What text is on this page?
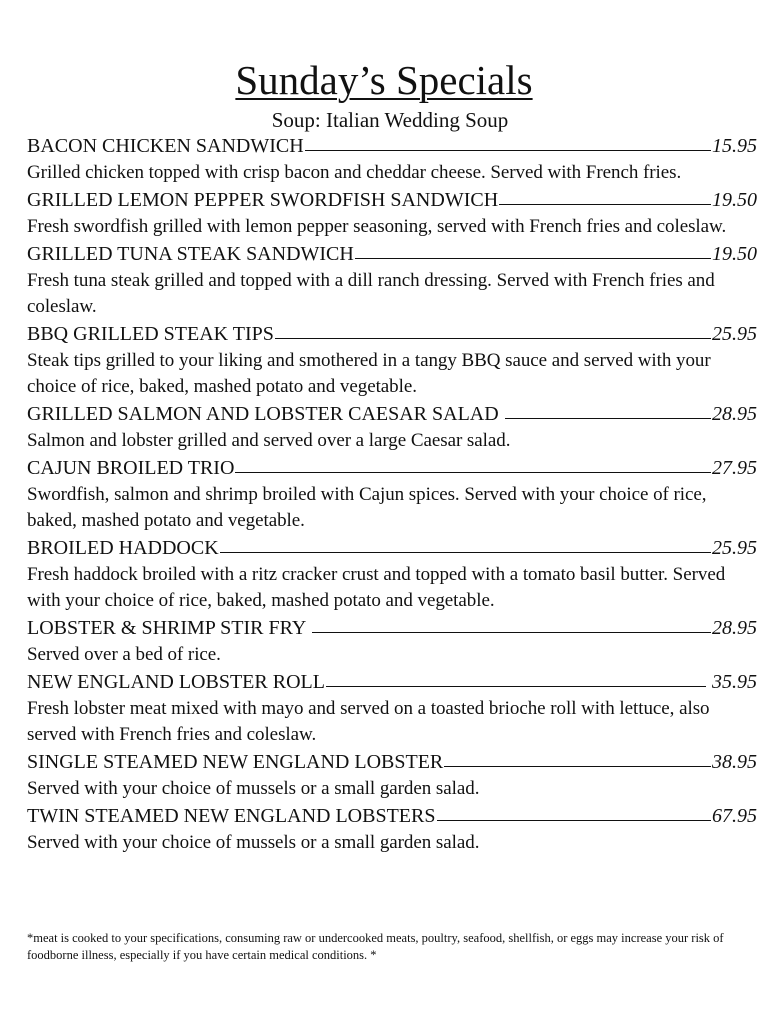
Sunday’s Specials
Soup: Italian Wedding Soup
BACON CHICKEN SANDWICH	15.95

Grilled chicken topped with crisp bacon and cheddar cheese. Served with French fries.

GRILLED LEMON PEPPER SWORDFISH SANDWICH	19.50

Fresh swordfish grilled with lemon pepper seasoning, served with French fries and coleslaw.

GRILLED TUNA STEAK SANDWICH	19.50

Fresh tuna steak grilled and topped with a dill ranch dressing. Served with French fries and coleslaw.

BBQ GRILLED STEAK TIPS	25.95

Steak tips grilled to your liking and smothered in a tangy BBQ sauce and served with your choice of rice, baked, mashed potato and vegetable.

GRILLED SALMON AND LOBSTER CAESAR SALAD	28.95

Salmon and lobster grilled and served over a large Caesar salad.

CAJUN BROILED TRIO	27.95

Swordfish, salmon and shrimp broiled with Cajun spices. Served with your choice of rice, baked, mashed potato and vegetable.

BROILED HADDOCK	25.95

Fresh haddock broiled with a ritz cracker crust and topped with a tomato basil butter. Served with your choice of rice, baked, mashed potato and vegetable.

LOBSTER & SHRIMP STIR FRY	28.95

Served over a bed of rice.

NEW ENGLAND LOBSTER ROLL	35.95

Fresh lobster meat mixed with mayo and served on a toasted brioche roll with lettuce, also served with French fries and coleslaw.

SINGLE STEAMED NEW ENGLAND LOBSTER	38.95

Served with your choice of mussels or a small garden salad.

TWIN STEAMED NEW ENGLAND LOBSTERS	67.95

Served with your choice of mussels or a small garden salad.

*meat is cooked to your specifications, consuming raw or undercooked meats, poultry, seafood, shellfish, or eggs may increase your risk of foodborne illness, especially if you have certain medical conditions. *
